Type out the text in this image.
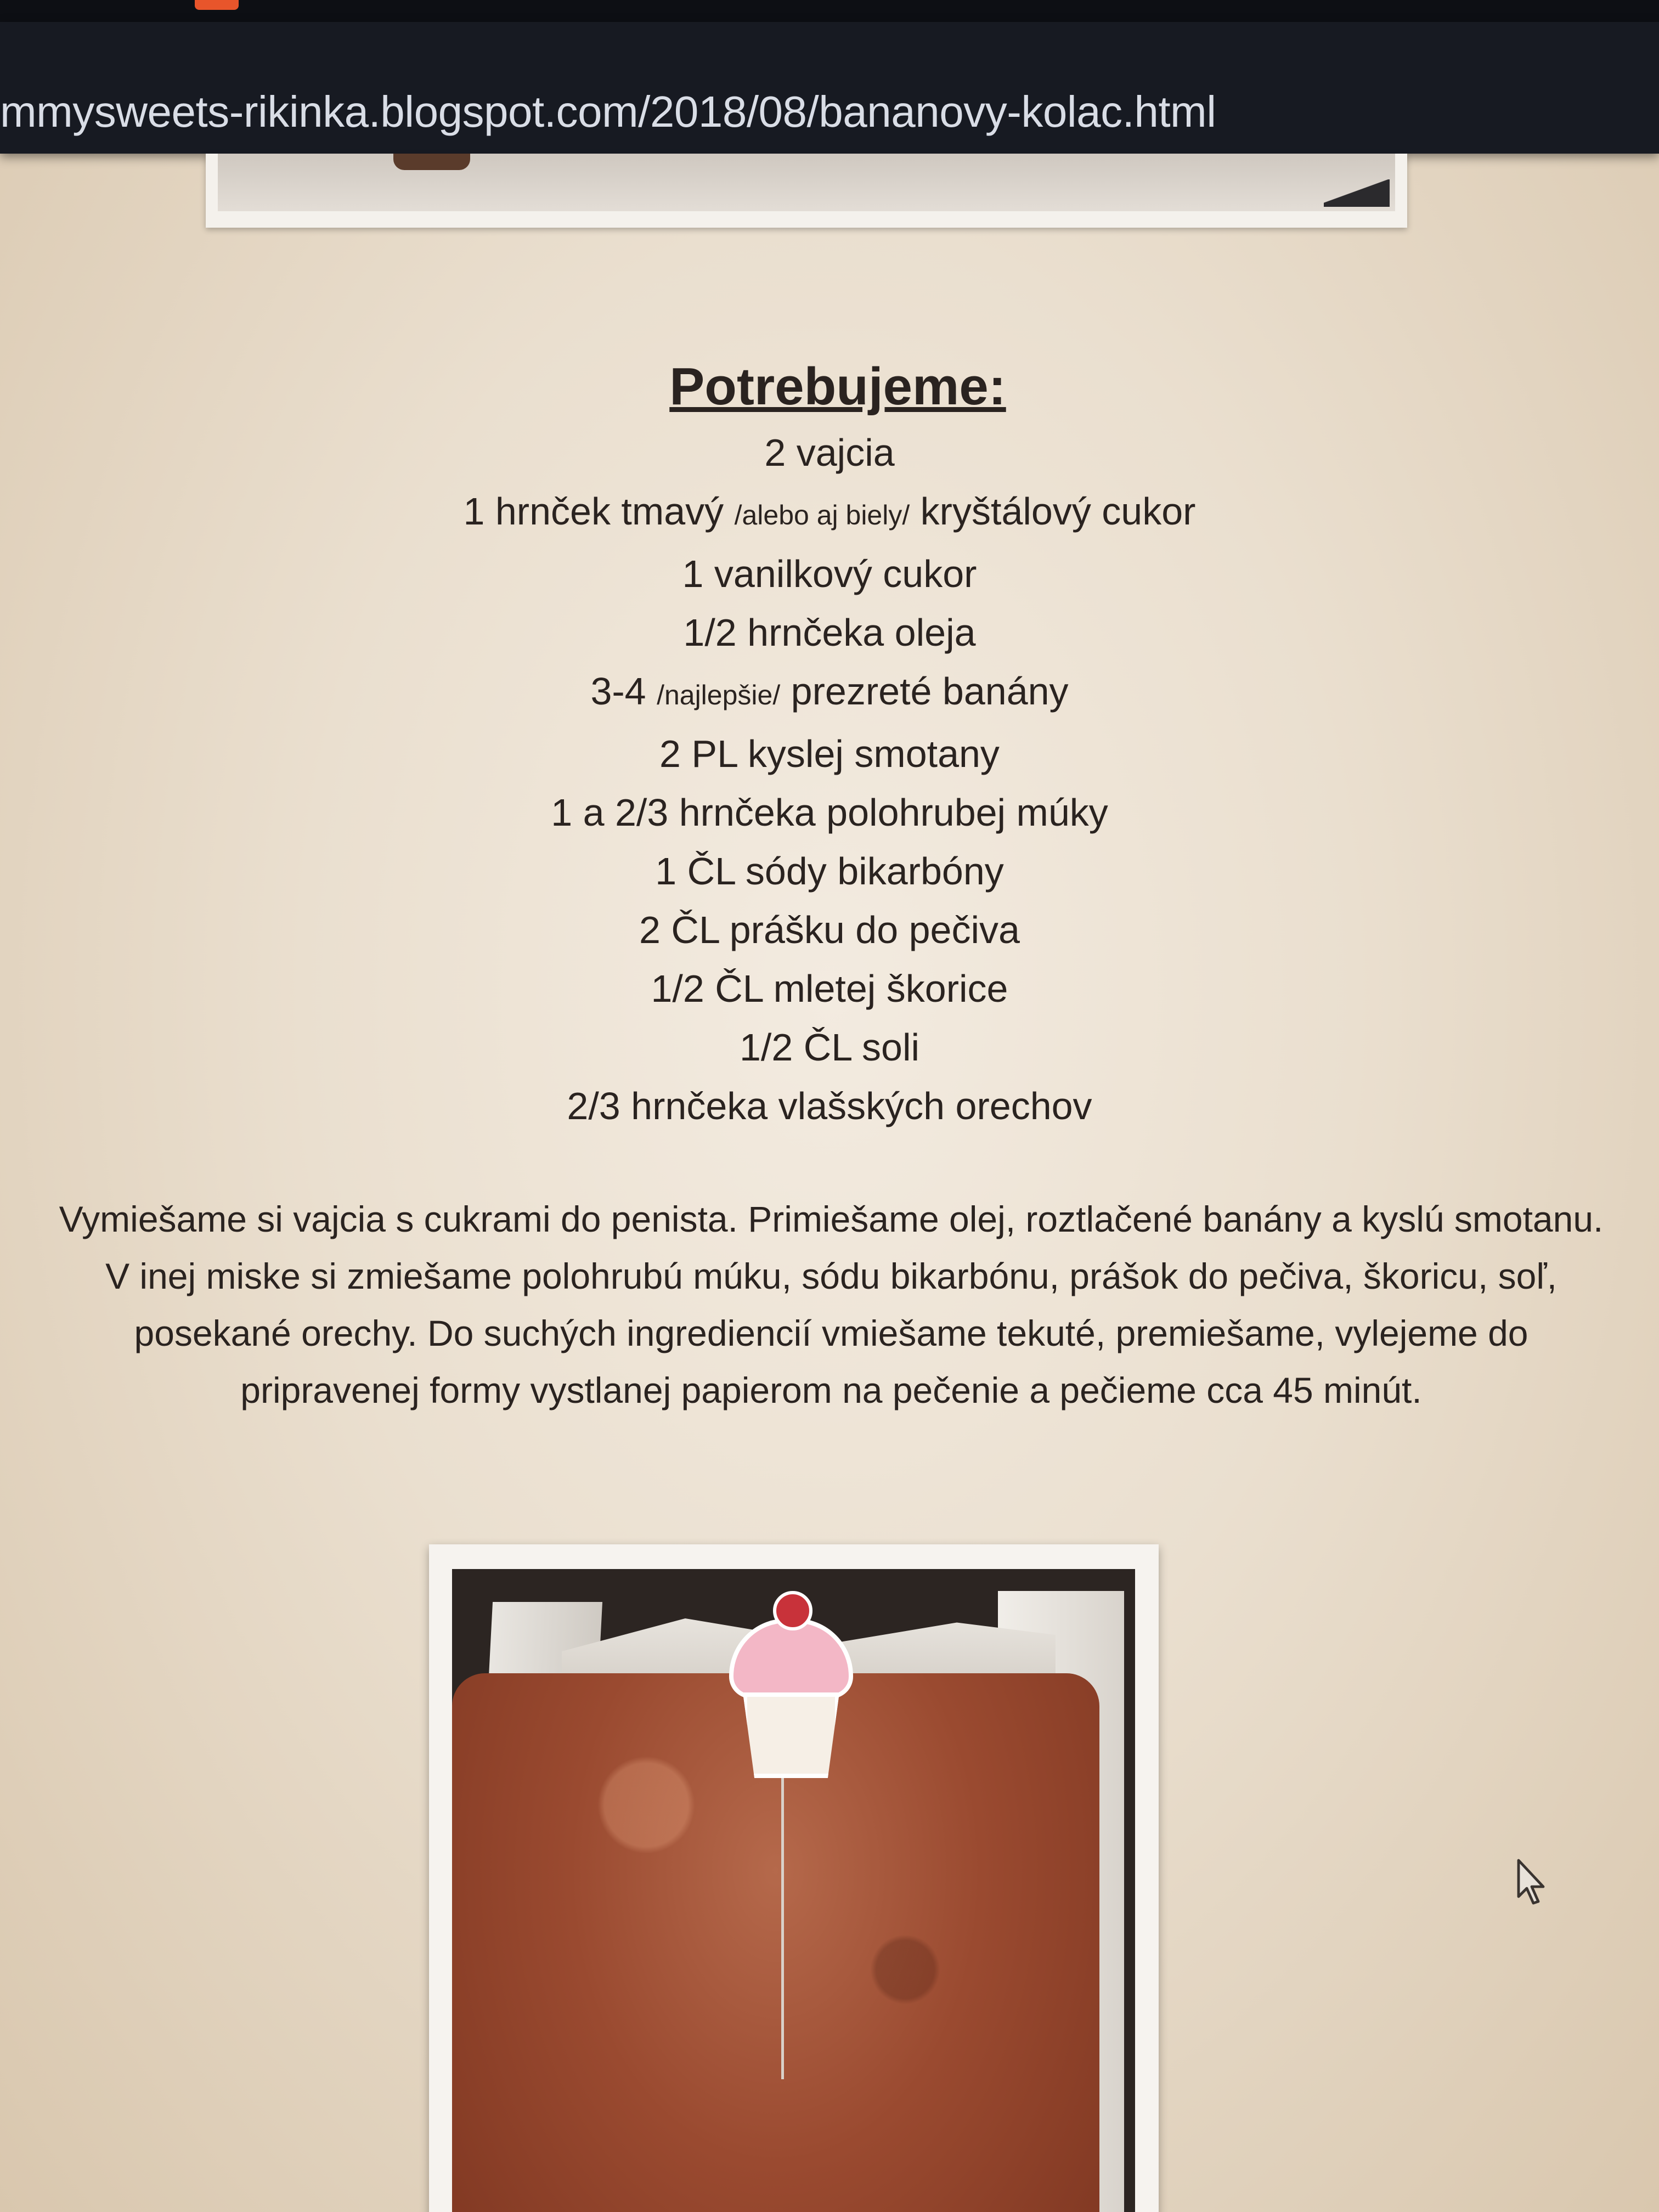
mmysweets-rikinka.blogspot.com/2018/08/bananovy-kolac.html
Potrebujeme:
2 vajcia
1 hrnček tmavý /alebo aj biely/ kryštálový cukor
1 vanilkový cukor
1/2 hrnčeka oleja
3-4 /najlepšie/ prezreté banány
2 PL kyslej smotany
1 a 2/3 hrnčeka polohrubej múky
1 ČL sódy bikarbóny
2 ČL prášku do pečiva
1/2 ČL mletej škorice
1/2 ČL soli
2/3 hrnčeka vlašských orechov

Vymiešame si vajcia s cukrami do penista. Primiešame olej, roztlačené banány a kyslú smotanu.

V inej miske si zmiešame polohrubú múku, sódu bikarbónu, prášok do pečiva, škoricu, soľ, posekané orechy. Do suchých ingrediencií vmiešame tekuté, premiešame, vylejeme do pripravenej formy vystlanej papierom na pečenie a pečieme cca 45 minút.
